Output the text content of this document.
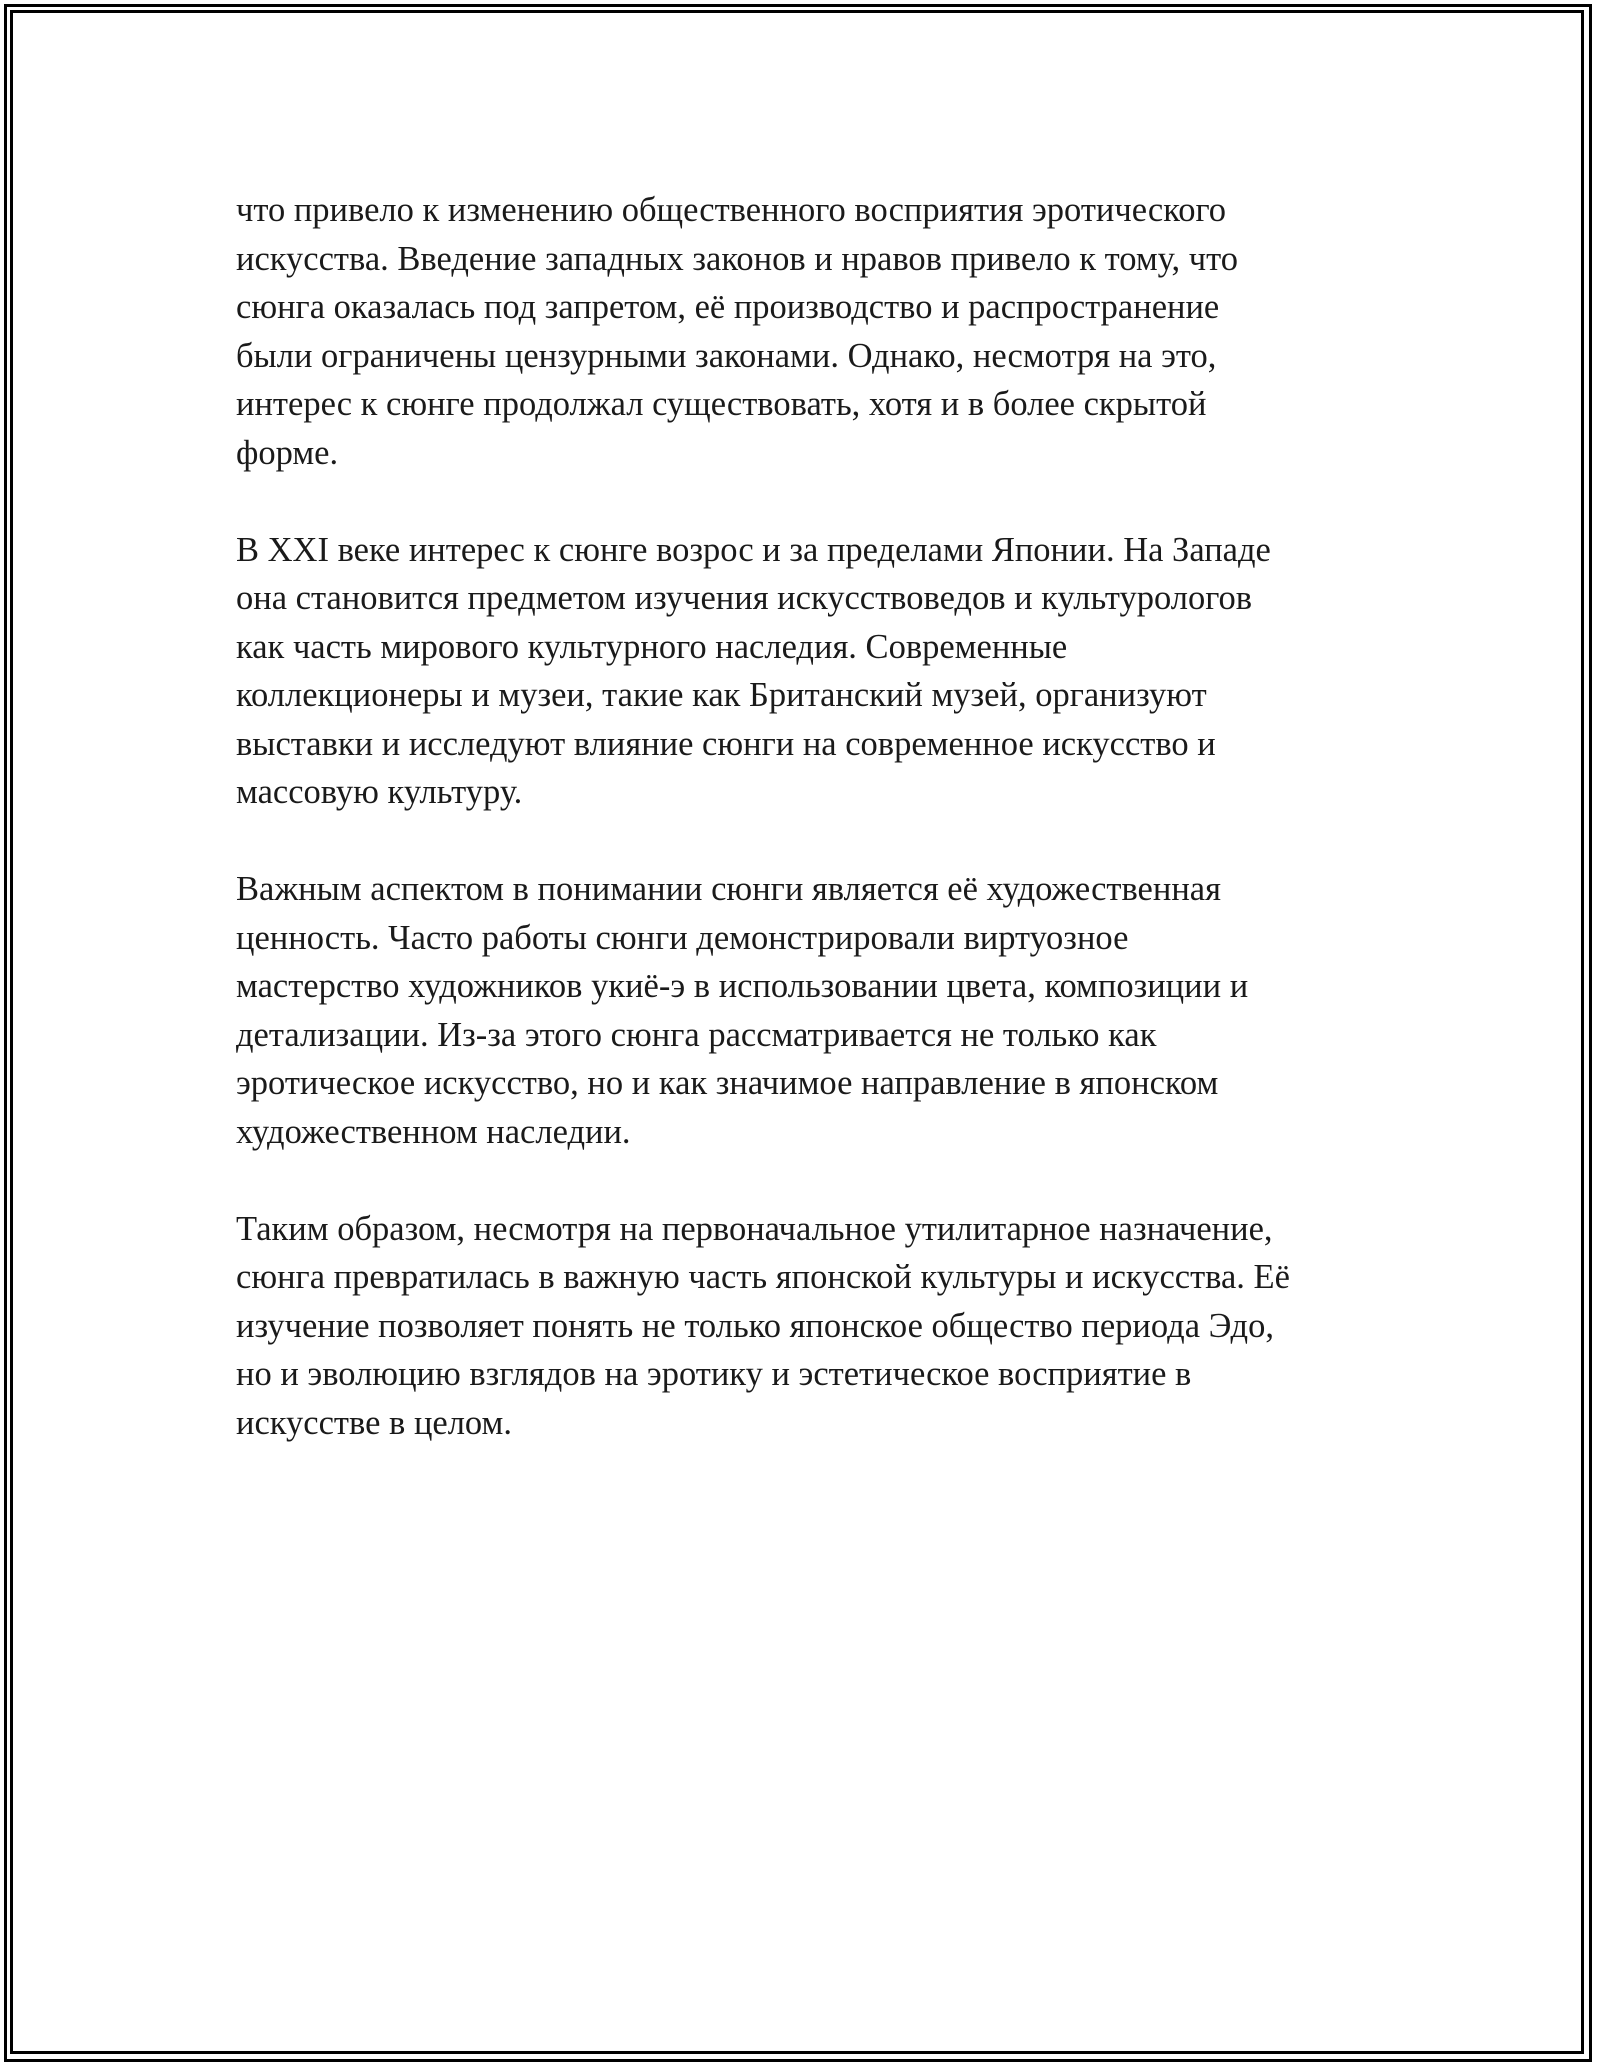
что привело к изменению общественного восприятия эротического
искусства. Введение западных законов и нравов привело к тому, что
сюнга оказалась под запретом, её производство и распространение
были ограничены цензурными законами. Однако, несмотря на это,
интерес к сюнге продолжал существовать, хотя и в более скрытой
форме.

В XXI веке интерес к сюнге возрос и за пределами Японии. На Западе
она становится предметом изучения искусствоведов и культурологов
как часть мирового культурного наследия. Современные
коллекционеры и музеи, такие как Британский музей, организуют
выставки и исследуют влияние сюнги на современное искусство и
массовую культуру.

Важным аспектом в понимании сюнги является её художественная
ценность. Часто работы сюнги демонстрировали виртуозное
мастерство художников укиё-э в использовании цвета, композиции и
детализации. Из-за этого сюнга рассматривается не только как
эротическое искусство, но и как значимое направление в японском
художественном наследии.

Таким образом, несмотря на первоначальное утилитарное назначение,
сюнга превратилась в важную часть японской культуры и искусства. Её
изучение позволяет понять не только японское общество периода Эдо,
но и эволюцию взглядов на эротику и эстетическое восприятие в
искусстве в целом.
